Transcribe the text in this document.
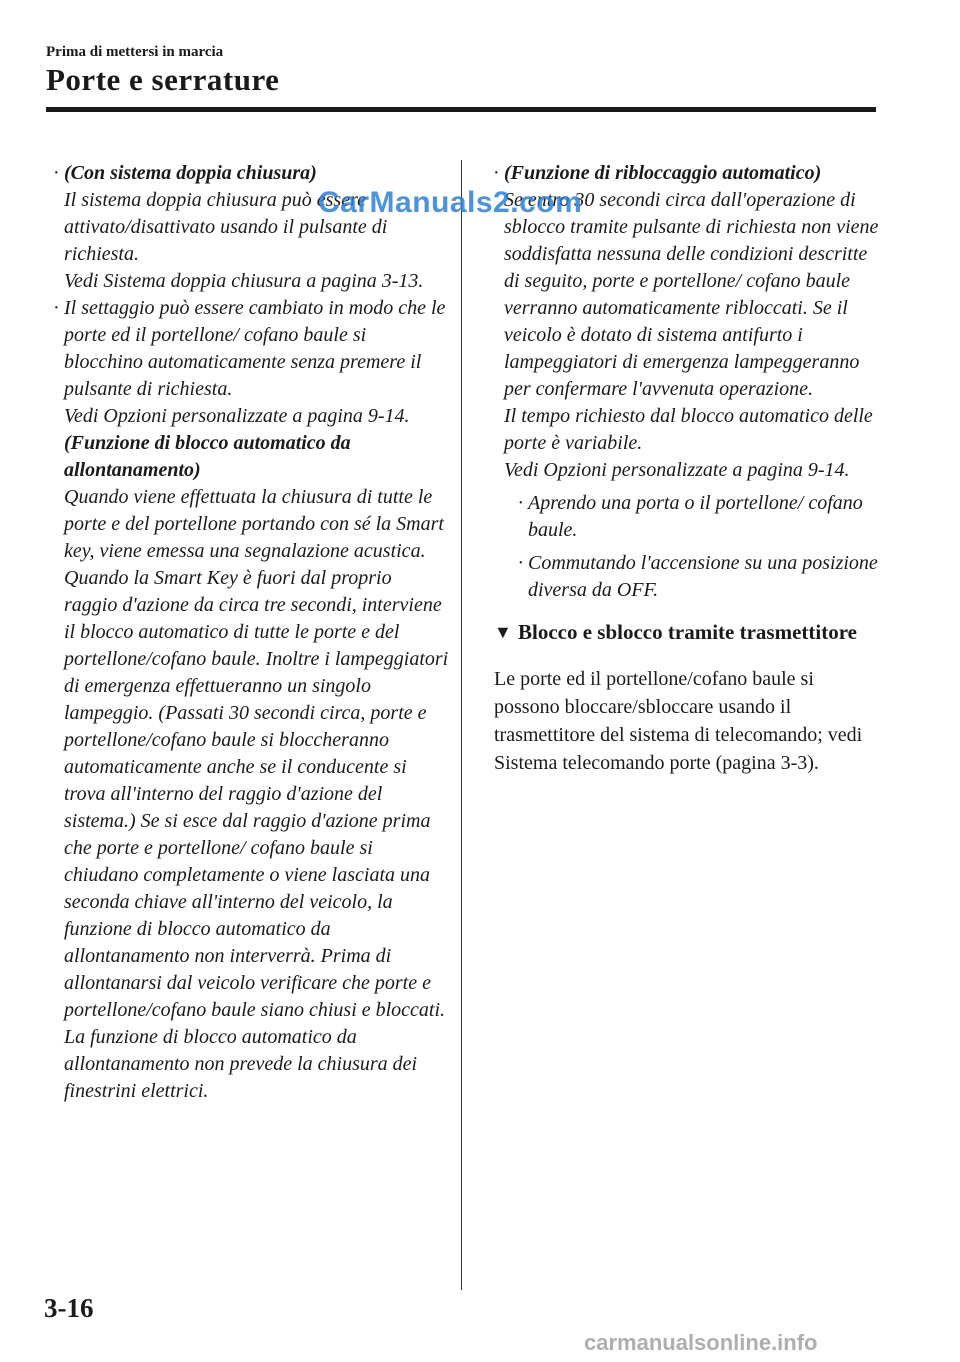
Prima di mettersi in marcia
Porte e serrature
· (Con sistema doppia chiusura)
Il sistema doppia chiusura può essere attivato/disattivato usando il pulsante di richiesta.
Vedi Sistema doppia chiusura a pagina 3-13.
· Il settaggio può essere cambiato in modo che le porte ed il portellone/ cofano baule si blocchino automaticamente senza premere il pulsante di richiesta.
Vedi Opzioni personalizzate a pagina 9-14.
(Funzione di blocco automatico da allontanamento)
Quando viene effettuata la chiusura di tutte le porte e del portellone portando con sé la Smart key, viene emessa una segnalazione acustica. Quando la Smart Key è fuori dal proprio raggio d'azione da circa tre secondi, interviene il blocco automatico di tutte le porte e del portellone/cofano baule. Inoltre i lampeggiatori di emergenza effettueranno un singolo lampeggio. (Passati 30 secondi circa, porte e portellone/cofano baule si bloccheranno automaticamente anche se il conducente si trova all'interno del raggio d'azione del sistema.) Se si esce dal raggio d'azione prima che porte e portellone/ cofano baule si chiudano completamente o viene lasciata una seconda chiave all'interno del veicolo, la funzione di blocco automatico da allontanamento non interverrà. Prima di allontanarsi dal veicolo verificare che porte e portellone/cofano baule siano chiusi e bloccati. La funzione di blocco automatico da allontanamento non prevede la chiusura dei finestrini elettrici.
· (Funzione di ribloccaggio automatico)
Se entro 30 secondi circa dall'operazione di sblocco tramite pulsante di richiesta non viene soddisfatta nessuna delle condizioni descritte di seguito, porte e portellone/ cofano baule verranno automaticamente ribloccati. Se il veicolo è dotato di sistema antifurto i lampeggiatori di emergenza lampeggeranno per confermare l'avvenuta operazione.
Il tempo richiesto dal blocco automatico delle porte è variabile.
Vedi Opzioni personalizzate a pagina 9-14.
· Aprendo una porta o il portellone/ cofano baule.
· Commutando l'accensione su una posizione diversa da OFF.
▼ Blocco e sblocco tramite trasmettitore
Le porte ed il portellone/cofano baule si possono bloccare/sbloccare usando il trasmettitore del sistema di telecomando; vedi Sistema telecomando porte (pagina 3-3).
3-16
CarManuals2.com
carmanualsonline.info
